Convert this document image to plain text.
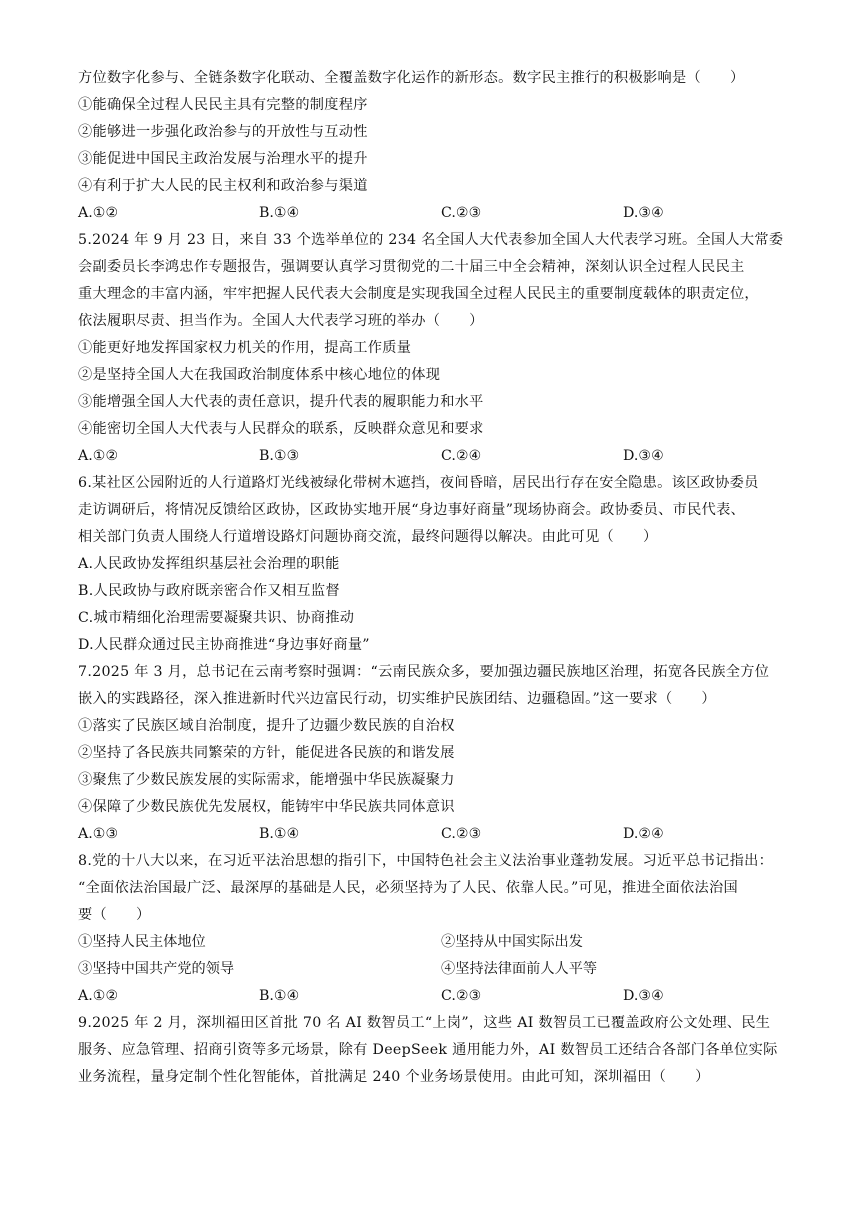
方位数字化参与、全链条数字化联动、全覆盖数字化运作的新形态。数字民主推行的积极影响是（　　）
①能确保全过程人民民主具有完整的制度程序
②能够进一步强化政治参与的开放性与互动性
③能促进中国民主政治发展与治理水平的提升
④有利于扩大人民的民主权利和政治参与渠道
A.①②	B.①④	C.②③	D.③④
5.2024 年 9 月 23 日，来自 33 个选举单位的 234 名全国人大代表参加全国人大代表学习班。全国人大常委
会副委员长李鸿忠作专题报告，强调要认真学习贯彻党的二十届三中全会精神，深刻认识全过程人民民主
重大理念的丰富内涵，牢牢把握人民代表大会制度是实现我国全过程人民民主的重要制度载体的职责定位，
依法履职尽责、担当作为。全国人大代表学习班的举办（　　）
①能更好地发挥国家权力机关的作用，提高工作质量
②是坚持全国人大在我国政治制度体系中核心地位的体现
③能增强全国人大代表的责任意识，提升代表的履职能力和水平
④能密切全国人大代表与人民群众的联系，反映群众意见和要求
A.①②	B.①③	C.②④	D.③④
6.某社区公园附近的人行道路灯光线被绿化带树木遮挡，夜间昏暗，居民出行存在安全隐患。该区政协委员
走访调研后，将情况反馈给区政协，区政协实地开展“身边事好商量”现场协商会。政协委员、市民代表、
相关部门负责人围绕人行道增设路灯问题协商交流，最终问题得以解决。由此可见（　　）
A.人民政协发挥组织基层社会治理的职能
B.人民政协与政府既亲密合作又相互监督
C.城市精细化治理需要凝聚共识、协商推动
D.人民群众通过民主协商推进“身边事好商量”
7.2025 年 3 月，总书记在云南考察时强调：“云南民族众多，要加强边疆民族地区治理，拓宽各民族全方位
嵌入的实践路径，深入推进新时代兴边富民行动，切实维护民族团结、边疆稳固。”这一要求（　　）
①落实了民族区域自治制度，提升了边疆少数民族的自治权
②坚持了各民族共同繁荣的方针，能促进各民族的和谐发展
③聚焦了少数民族发展的实际需求，能增强中华民族凝聚力
④保障了少数民族优先发展权，能铸牢中华民族共同体意识
A.①③	B.①④	C.②③	D.②④
8.党的十八大以来，在习近平法治思想的指引下，中国特色社会主义法治事业蓬勃发展。习近平总书记指出：
“全面依法治国最广泛、最深厚的基础是人民，必须坚持为了人民、依靠人民。”可见，推进全面依法治国
要（　　）
①坚持人民主体地位	②坚持从中国实际出发
③坚持中国共产党的领导	④坚持法律面前人人平等
A.①②	B.①④	C.②③	D.③④
9.2025 年 2 月，深圳福田区首批 70 名 AI 数智员工“上岗”，这些 AI 数智员工已覆盖政府公文处理、民生
服务、应急管理、招商引资等多元场景，除有 DeepSeek 通用能力外，AI 数智员工还结合各部门各单位实际
业务流程，量身定制个性化智能体，首批满足 240 个业务场景使用。由此可知，深圳福田（　　）
